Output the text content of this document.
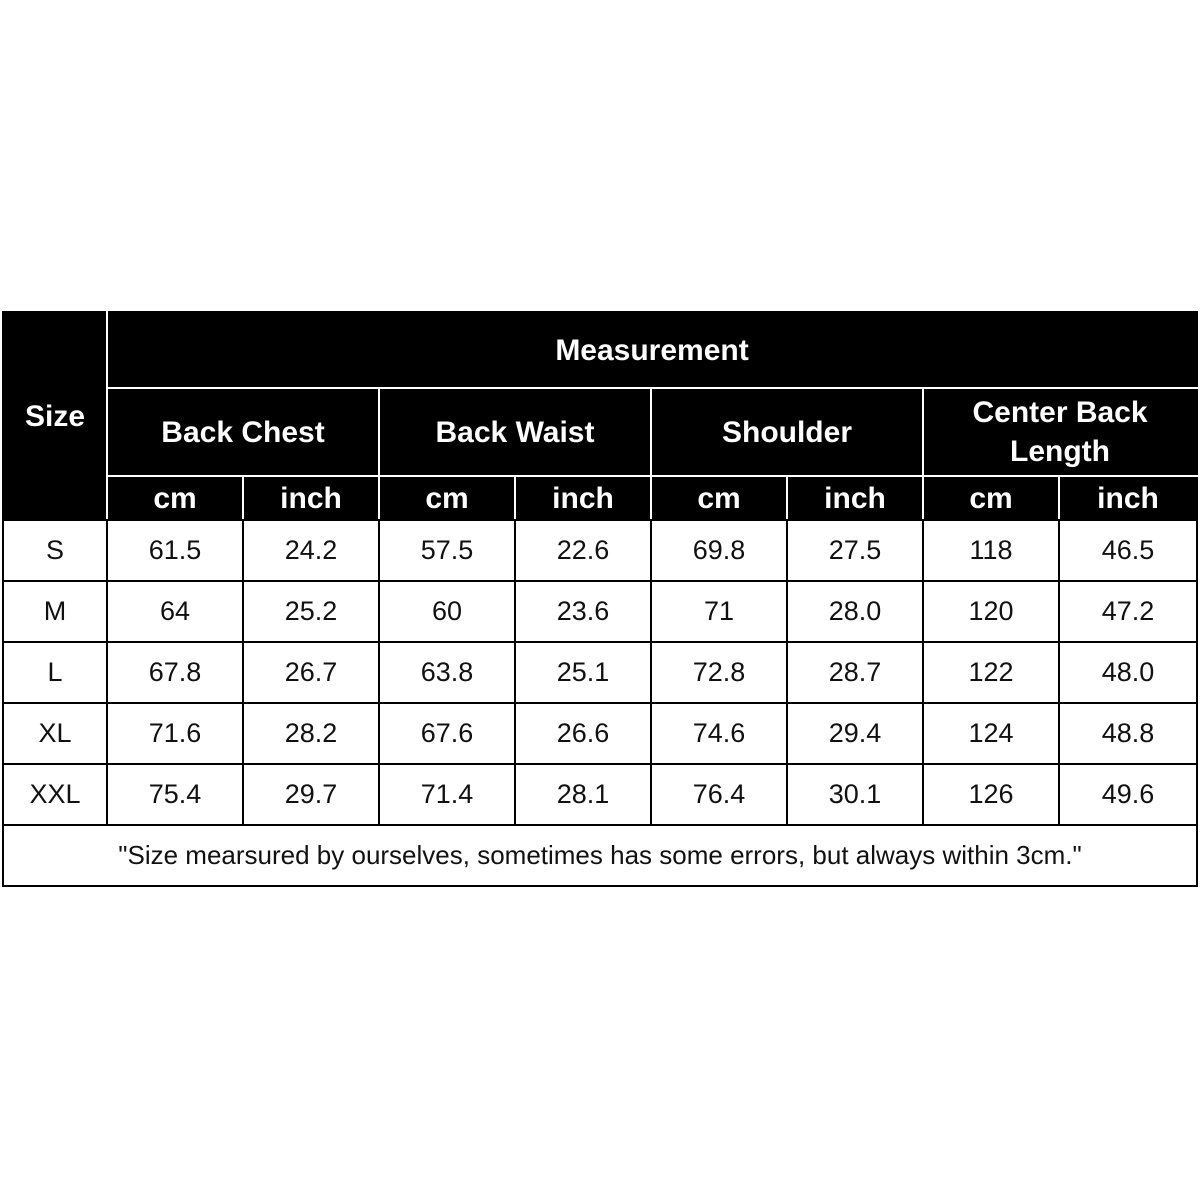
Size	Measurement							
	Back Chest		Back Waist		Shoulder		Center Back Length	
	cm	inch	cm	inch	cm	inch	cm	inch
S	61.5	24.2	57.5	22.6	69.8	27.5	118	46.5
M	64	25.2	60	23.6	71	28.0	120	47.2
L	67.8	26.7	63.8	25.1	72.8	28.7	122	48.0
XL	71.6	28.2	67.6	26.6	74.6	29.4	124	48.8
XXL	75.4	29.7	71.4	28.1	76.4	30.1	126	49.6
"Size mearsured by ourselves, sometimes has some errors, but always within 3cm."								
